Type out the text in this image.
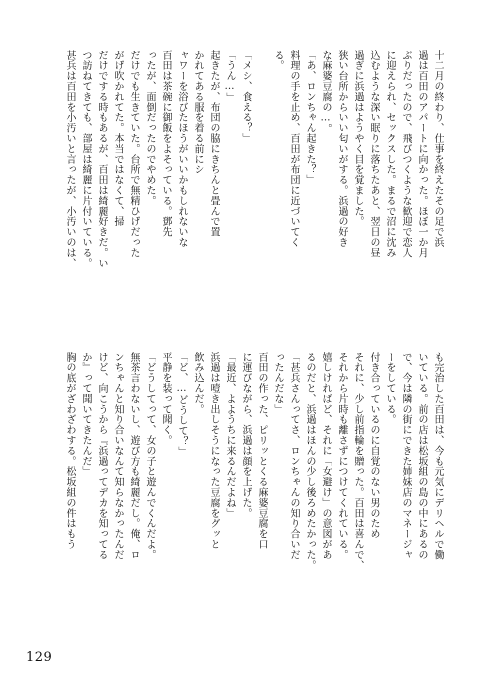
十二月の終わり、仕事を終えたその足で浜
過は百田のアパートに向かった。ほぼ一か月
ぶりだったので、飛びつくような歓迎で恋人
に迎えられ、セックスした。まるで沼に沈み
込むような深い眠りに落ちたあと、翌日の昼
過ぎに浜過はようやく目を覚ました。
狭い台所からいい匂いがする。浜過の好き
な麻婆豆腐の…。
「あ、ロンちゃん起きた？」
料理の手を止め、百田が布団に近づいてく
る。
「メシ、食える？」
「うん…」
起きたが、布団の脇にきちんと畳んで置
かれてある服を着る前にシ
ャワーを浴びたほうがいいかもしれないな
百田は茶碗に御飯をよそっている。鄧先
ったが、面倒だったのでやめた。
だけでも生きていた。台所で無精ひげだった
がげ吹かれてた。本当ではなくて、掃
だけでする時もあるが、百田は綺麗好きだ。い
つ訪ねてきても、部屋は綺麗に片付いている。
甚兵は百田を小汚いと言ったが、小汚いのは、
も完治した百田は、今も元気にデリヘルで働
いている。前の店は松坂組の島の中にあるの
で、今は隣の街にできた姉妹店のマネージャ
ーをしている。
付き合っているのに自覚のない男のため
それに、少し前指輪を贈った。百田は喜んで、
それから片時も離さずにつけてくれている。
嬉しければど、それに「女避け」の意図があ
るのだと、浜過はほんの少し後ろめたかった。
「甚兵さんってさ、ロンちゃんの知り合いだ
ったんだな」
百田の作った、ピリッとくる麻婆豆腐を口
に運びながら、浜過は顔を上げた。
「最近、よようちに来るんだよね」
浜過は噎き出しそうになった豆腐をグッと
飲み込んだ。
「ど、…どうして？」
平静を装って聞く。
「どうしてって、女の子と遊んでくんだよ。
無茶言わないし、遊び方も綺麗だし。俺、ロ
ンちゃんと知り合いなんて知らなかったんだ
けど、向こうから『浜過ってデカを知ってる
か』って聞いてきたんだ」
胸の底がざわざわする。松坂組の件はもう
129
